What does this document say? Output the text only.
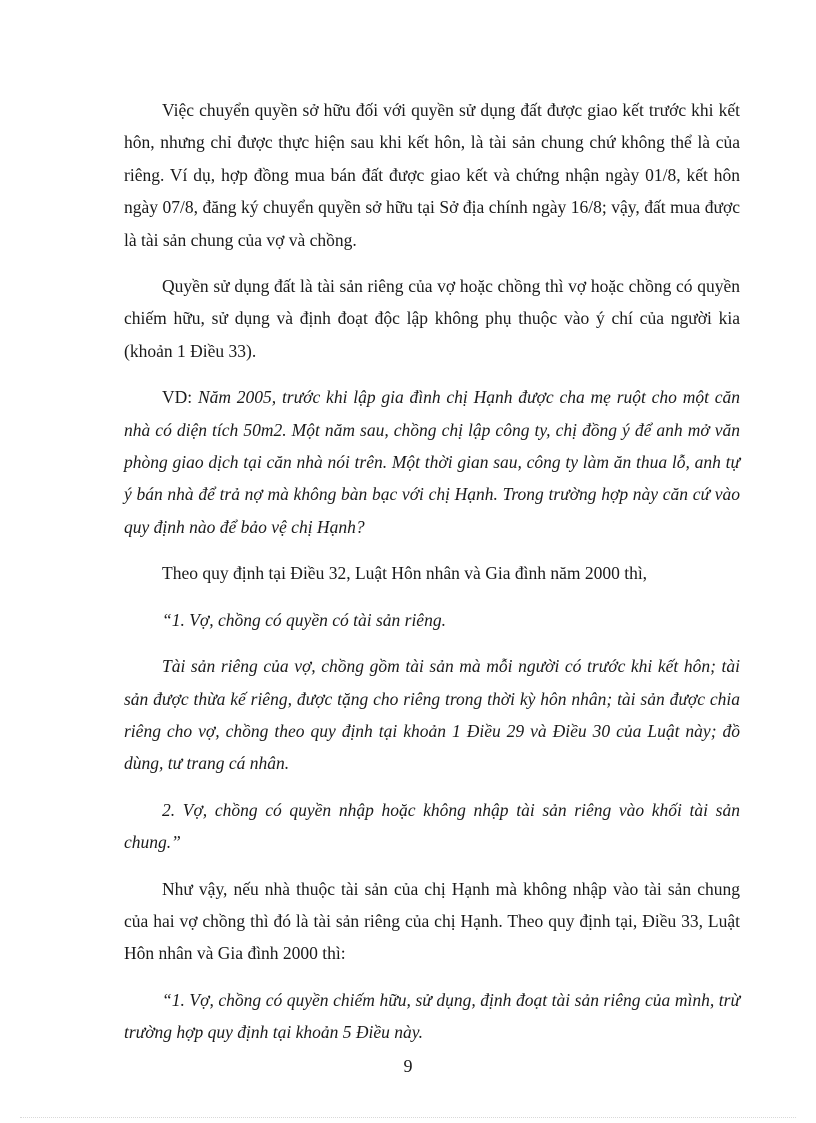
Việc chuyển quyền sở hữu đối với quyền sử dụng đất được giao kết trước khi kết hôn, nhưng chỉ được thực hiện sau khi kết hôn, là tài sản chung chứ không thể là của riêng. Ví dụ, hợp đồng mua bán đất được giao kết và chứng nhận ngày 01/8, kết hôn ngày 07/8, đăng ký chuyển quyền sở hữu tại Sở địa chính ngày 16/8; vậy, đất mua được là tài sản chung của vợ và chồng.

Quyền sử dụng đất là tài sản riêng của vợ hoặc chồng thì vợ hoặc chồng có quyền chiếm hữu, sử dụng và định đoạt độc lập không phụ thuộc vào ý chí của người kia (khoản 1 Điều 33).

VD: Năm 2005, trước khi lập gia đình chị Hạnh được cha mẹ ruột cho một căn nhà có diện tích 50m2. Một năm sau, chồng chị lập công ty, chị đồng ý để anh mở văn phòng giao dịch tại căn nhà nói trên. Một thời gian sau, công ty làm ăn thua lỗ, anh tự ý bán nhà để trả nợ mà không bàn bạc với chị Hạnh. Trong trường hợp này căn cứ vào quy định nào để bảo vệ chị Hạnh?

Theo quy định tại Điều 32, Luật Hôn nhân và Gia đình năm 2000 thì,

“1. Vợ, chồng có quyền có tài sản riêng.

Tài sản riêng của vợ, chồng gồm tài sản mà mỗi người có trước khi kết hôn; tài sản được thừa kế riêng, được tặng cho riêng trong thời kỳ hôn nhân; tài sản được chia riêng cho vợ, chồng theo quy định tại khoản 1 Điều 29 và Điều 30 của Luật này; đồ dùng, tư trang cá nhân.

2. Vợ, chồng có quyền nhập hoặc không nhập tài sản riêng vào khối tài sản chung.”

Như vậy, nếu nhà thuộc tài sản của chị Hạnh mà không nhập vào tài sản chung của hai vợ chồng thì đó là tài sản riêng của chị Hạnh. Theo quy định tại, Điều 33, Luật Hôn nhân và Gia đình 2000 thì:

“1. Vợ, chồng có quyền chiếm hữu, sử dụng, định đoạt tài sản riêng của mình, trừ trường hợp quy định tại khoản 5 Điều này.

9
